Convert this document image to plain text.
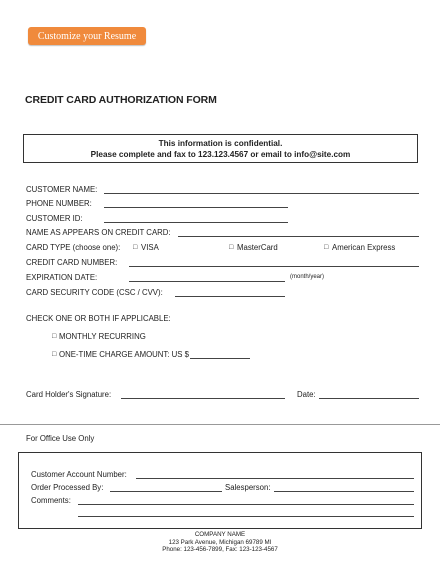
Customize your Resume
CREDIT CARD AUTHORIZATION FORM
This information is confidential.
Please complete and fax to 123.123.4567 or email to info@site.com
CUSTOMER NAME:
PHONE NUMBER:
CUSTOMER ID:
NAME AS APPEARS ON CREDIT CARD:
CARD TYPE (choose one): □ VISA	□ MasterCard	□ American Express
CREDIT CARD NUMBER:
EXPIRATION DATE:	(month/year)
CARD SECURITY CODE (CSC / CVV):
CHECK ONE OR BOTH IF APPLICABLE:
□ MONTHLY RECURRING
□ ONE-TIME CHARGE AMOUNT: US $
Card Holder's Signature:	Date:
For Office Use Only
Customer Account Number:
Order Processed By:	Salesperson:
Comments:
COMPANY NAME
123 Park Avenue, Michigan 69789 MI
Phone: 123-456-7899, Fax: 123-123-4567
